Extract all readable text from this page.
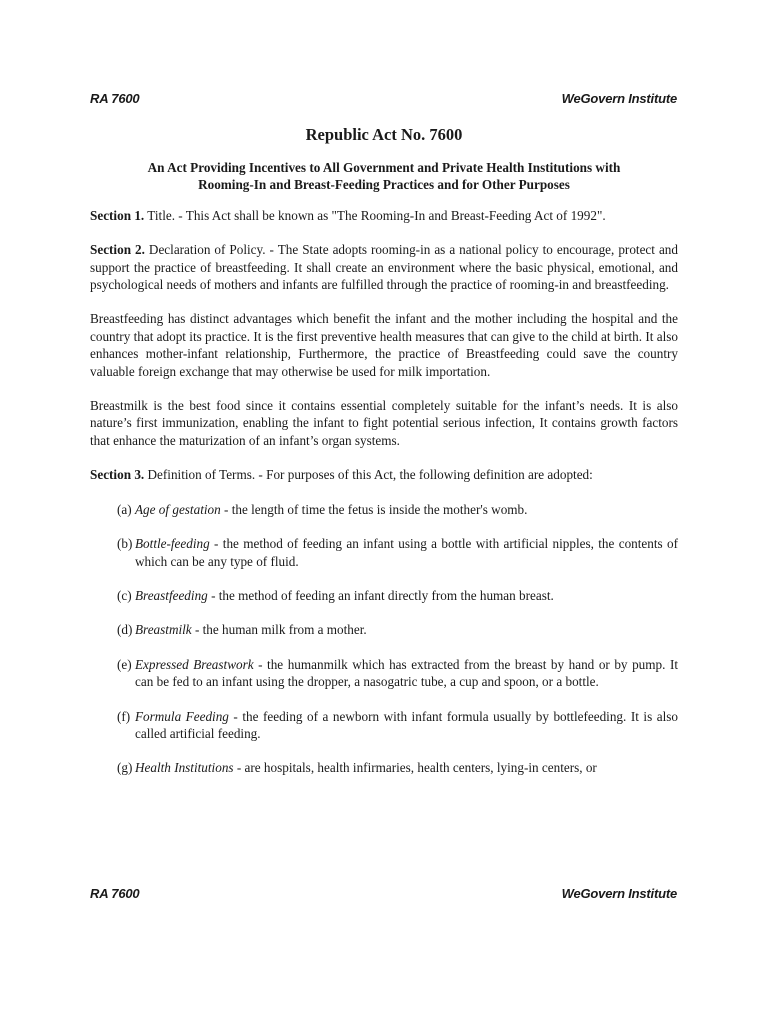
RA 7600	WeGovern Institute
Republic Act No. 7600
An Act Providing Incentives to All Government and Private Health Institutions with
Rooming-In and Breast-Feeding Practices and for Other Purposes

Section 1. Title. - This Act shall be known as "The Rooming-In and Breast-Feeding Act of 1992".

Section 2. Declaration of Policy. - The State adopts rooming-in as a national policy to encourage, protect and support the practice of breastfeeding. It shall create an environment where the basic physical, emotional, and psychological needs of mothers and infants are fulfilled through the practice of rooming-in and breastfeeding.

Breastfeeding has distinct advantages which benefit the infant and the mother including the hospital and the country that adopt its practice. It is the first preventive health measures that can give to the child at birth. It also enhances mother-infant relationship, Furthermore, the practice of Breastfeeding could save the country valuable foreign exchange that may otherwise be used for milk importation.

Breastmilk is the best food since it contains essential completely suitable for the infant’s needs. It is also nature’s first immunization, enabling the infant to fight potential serious infection, It contains growth factors that enhance the maturization of an infant’s organ systems.

Section 3. Definition of Terms. - For purposes of this Act, the following definition are adopted:

(a) Age of gestation - the length of time the fetus is inside the mother's womb.
(b) Bottle-feeding - the method of feeding an infant using a bottle with artificial nipples, the contents of which can be any type of fluid.
(c) Breastfeeding - the method of feeding an infant directly from the human breast.
(d) Breastmilk - the human milk from a mother.
(e) Expressed Breastwork - the humanmilk which has extracted from the breast by hand or by pump. It can be fed to an infant using the dropper, a nasogatric tube, a cup and spoon, or a bottle.
(f) Formula Feeding - the feeding of a newborn with infant formula usually by bottlefeeding. It is also called artificial feeding.
(g) Health Institutions - are hospitals, health infirmaries, health centers, lying-in centers, or
RA 7600	WeGovern Institute
